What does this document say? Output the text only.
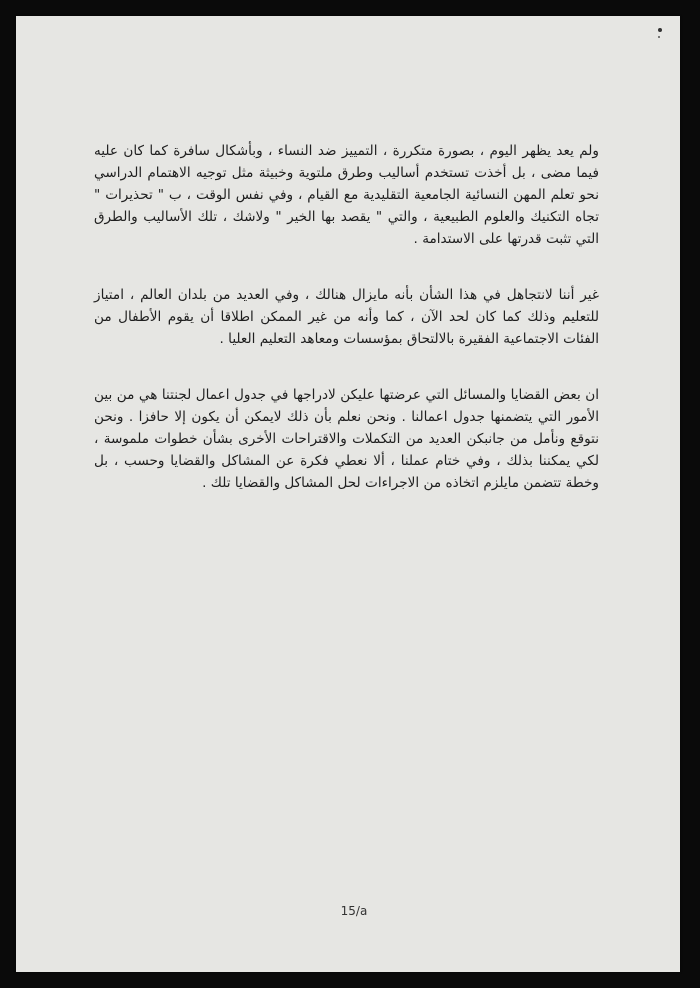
ولم يعد يظهر اليوم ، بصورة متكررة ، التمييز ضد النساء ، وبأشكال سافرة كما كان عليه فيما مضى ، بل أخذت تستخدم أساليب وطرق ملتوية وخبيثة مثل توجيه الاهتمام الدراسي نحو تعلم المهن النسائية الجامعية التقليدية مع القيام ، وفي نفس الوقت ، ب " تحذيرات " تجاه التكنيك والعلوم الطبيعية ، والتي " يقصد بها الخير " ولاشك ، تلك الأساليب والطرق التي تثبت قدرتها على الاستدامة .

غير أننا لانتجاهل في هذا الشأن بأنه مايزال هنالك ، وفي العديد من بلدان العالم ، امتياز للتعليم وذلك كما كان لحد الآن ، كما وأنه من غير الممكن اطلاقا أن يقوم الأطفال من الفئات الاجتماعية الفقيرة بالالتحاق بمؤسسات ومعاهد التعليم العليا .

ان بعض القضايا والمسائل التي عرضتها عليكن لادراجها في جدول اعمال لجنتنا هي من بين الأمور التي يتضمنها جدول اعمالنا . ونحن نعلم بأن ذلك لايمكن أن يكون إلا حافزا . ونحن نتوقع ونأمل من جانبكن العديد من التكملات والاقتراحات الأخرى بشأن خطوات ملموسة ، لكي يمكننا بذلك ، وفي ختام عملنا ، ألا نعطي فكرة عن المشاكل والقضايا وحسب ، بل وخطة تتضمن مايلزم اتخاذه من الاجراءات لحل المشاكل والقضايا تلك .

15/a
